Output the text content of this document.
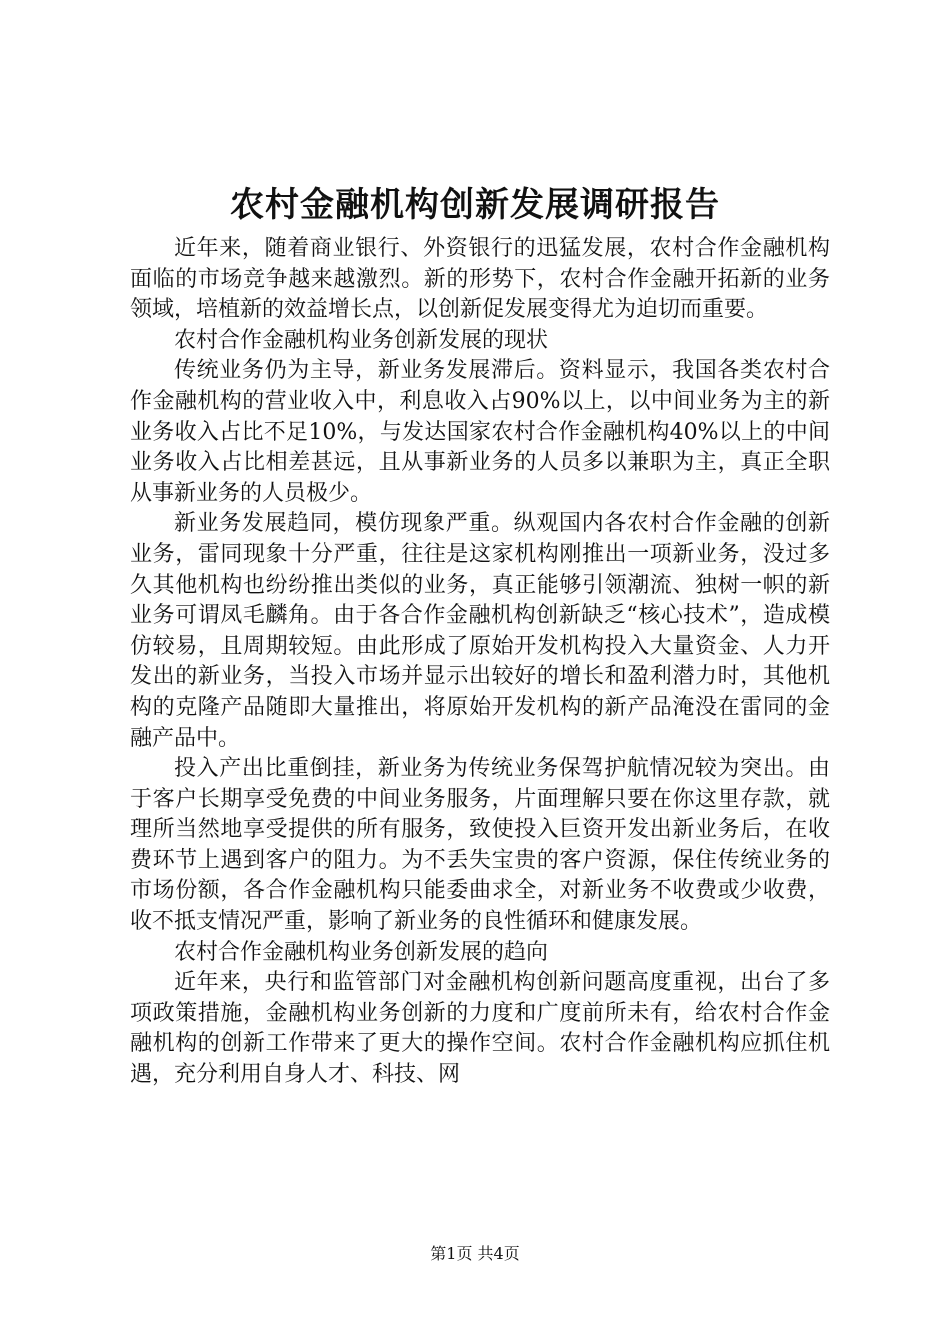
农村金融机构创新发展调研报告

近年来，随着商业银行、外资银行的迅猛发展，农村合作金融机构面临的市场竞争越来越激烈。新的形势下，农村合作金融开拓新的业务领域，培植新的效益增长点，以创新促发展变得尤为迫切而重要。

农村合作金融机构业务创新发展的现状

传统业务仍为主导，新业务发展滞后。资料显示，我国各类农村合作金融机构的营业收入中，利息收入占90%以上，以中间业务为主的新业务收入占比不足10%，与发达国家农村合作金融机构40%以上的中间业务收入占比相差甚远，且从事新业务的人员多以兼职为主，真正全职从事新业务的人员极少。

新业务发展趋同，模仿现象严重。纵观国内各农村合作金融的创新业务，雷同现象十分严重，往往是这家机构刚推出一项新业务，没过多久其他机构也纷纷推出类似的业务，真正能够引领潮流、独树一帜的新业务可谓凤毛麟角。由于各合作金融机构创新缺乏“核心技术”，造成模仿较易，且周期较短。由此形成了原始开发机构投入大量资金、人力开发出的新业务，当投入市场并显示出较好的增长和盈利潜力时，其他机构的克隆产品随即大量推出，将原始开发机构的新产品淹没在雷同的金融产品中。

投入产出比重倒挂，新业务为传统业务保驾护航情况较为突出。由于客户长期享受免费的中间业务服务，片面理解只要在你这里存款，就理所当然地享受提供的所有服务，致使投入巨资开发出新业务后，在收费环节上遇到客户的阻力。为不丢失宝贵的客户资源，保住传统业务的市场份额，各合作金融机构只能委曲求全，对新业务不收费或少收费，收不抵支情况严重，影响了新业务的良性循环和健康发展。

农村合作金融机构业务创新发展的趋向

近年来，央行和监管部门对金融机构创新问题高度重视，出台了多项政策措施，金融机构业务创新的力度和广度前所未有，给农村合作金融机构的创新工作带来了更大的操作空间。农村合作金融机构应抓住机遇，充分利用自身人才、科技、网

第1页 共4页
